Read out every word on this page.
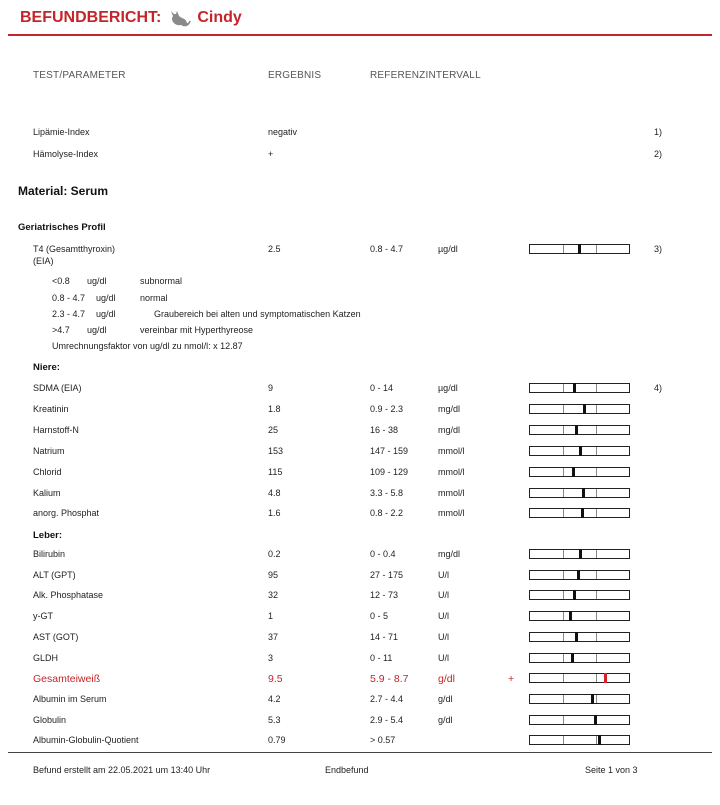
BEFUNDBERICHT: Cindy
TEST/PARAMETER	ERGEBNIS	REFERENZINTERVALL
Lipämie-Index	negativ	1)
Hämolyse-Index	+	2)
Material: Serum
Geriatrisches Profil
T4 (Gesamtthyroxin)
(EIA)
2.5	0.8 - 4.7	µg/dl	3)
<0.8 ug/dl	subnormal
0.8 - 4.7 ug/dl	normal
2.3 - 4.7 ug/dl	Graubereich bei alten und symptomatischen Katzen
>4.7 ug/dl	vereinbar mit Hyperthyreose
Umrechnungsfaktor von ug/dl zu nmol/l: x 12.87
Niere:
SDMA (EIA)	9	0 - 14	µg/dl	4)
Kreatinin	1.8	0.9 - 2.3	mg/dl
Harnstoff-N	25	16 - 38	mg/dl
Natrium	153	147 - 159	mmol/l
Chlorid	115	109 - 129	mmol/l
Kalium	4.8	3.3 - 5.8	mmol/l
anorg. Phosphat	1.6	0.8 - 2.2	mmol/l
Leber:
Bilirubin	0.2	0 - 0.4	mg/dl
ALT (GPT)	95	27 - 175	U/l
Alk. Phosphatase	32	12 - 73	U/l
y-GT	1	0 - 5	U/l
AST (GOT)	37	14 - 71	U/l
GLDH	3	0 - 11	U/l
Gesamteiweiß	9.5	5.9 - 8.7	g/dl	+
Albumin im Serum	4.2	2.7 - 4.4	g/dl
Globulin	5.3	2.9 - 5.4	g/dl
Albumin-Globulin-Quotient	0.79	> 0.57
Befund erstellt am 22.05.2021 um 13:40 Uhr	Endbefund	Seite 1 von 3
